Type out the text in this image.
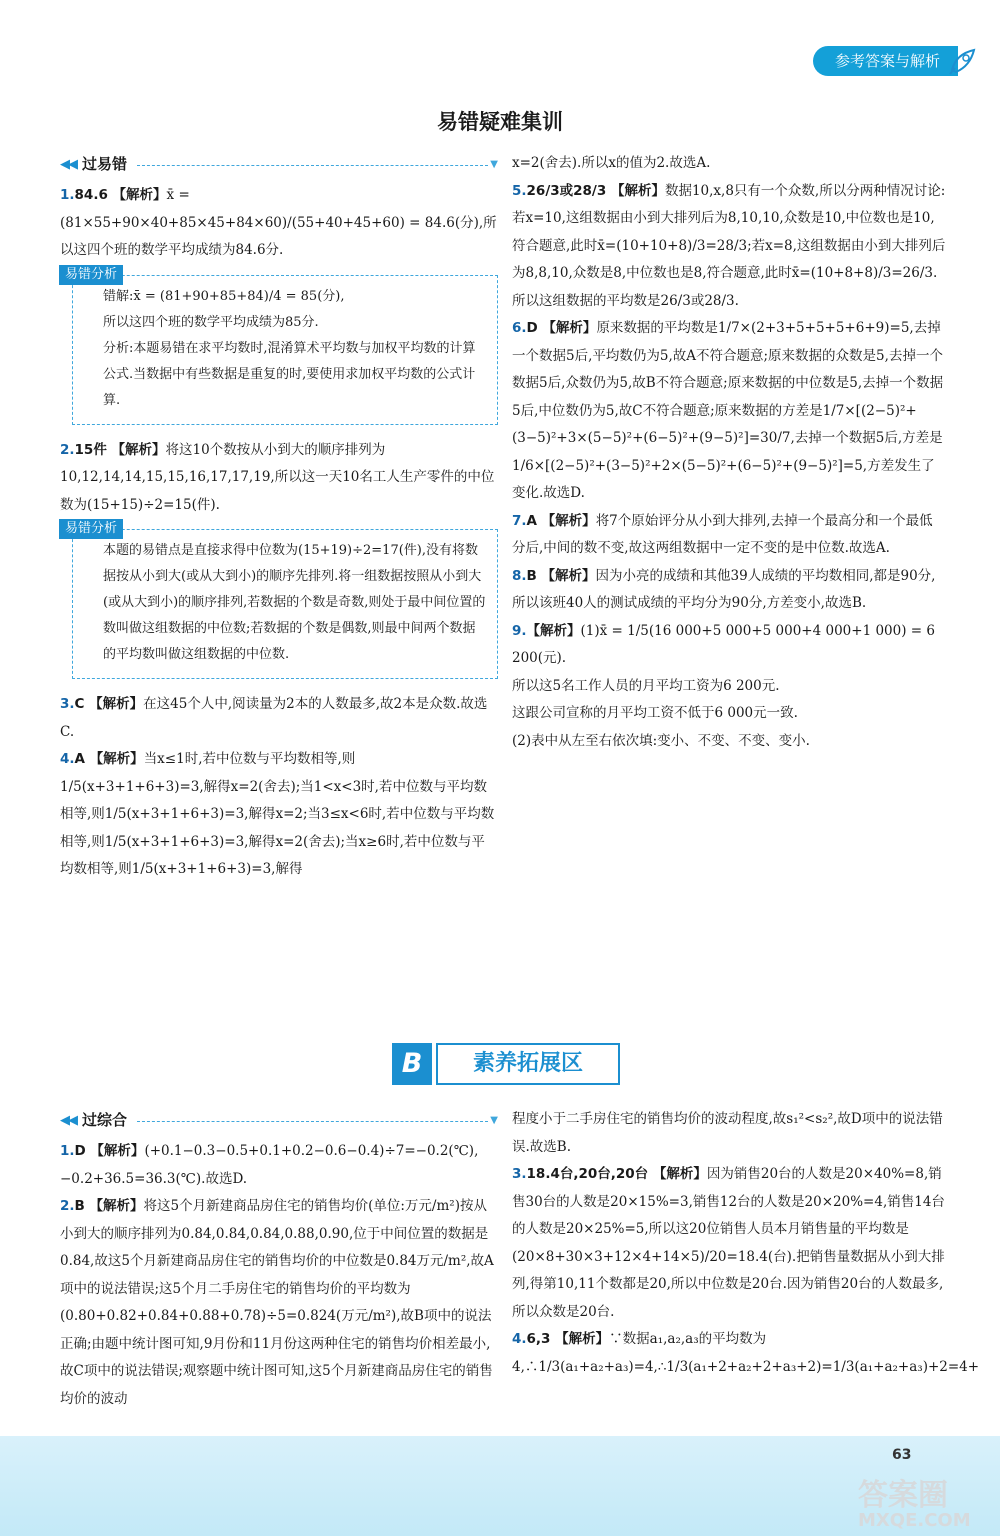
参考答案与解析
易错疑难集训
◀◀ 过易错	▼

1.84.6 【解析】x̄ = (81×55+90×40+85×45+84×60)/(55+40+45+60) = 84.6(分),所以这四个班的数学平均成绩为84.6分.

易错分析

错解:x̄ = (81+90+85+84)/4 = 85(分),

所以这四个班的数学平均成绩为85分.

分析:本题易错在求平均数时,混淆算术平均数与加权平均数的计算公式.当数据中有些数据是重复的时,要使用求加权平均数的公式计算.

2.15件 【解析】将这10个数按从小到大的顺序排列为10,12,14,14,15,15,16,17,17,19,所以这一天10名工人生产零件的中位数为(15+15)÷2=15(件).

易错分析

本题的易错点是直接求得中位数为(15+19)÷2=17(件),没有将数据按从小到大(或从大到小)的顺序先排列.将一组数据按照从小到大(或从大到小)的顺序排列,若数据的个数是奇数,则处于最中间位置的数叫做这组数据的中位数;若数据的个数是偶数,则最中间两个数据的平均数叫做这组数据的中位数.

3.C 【解析】在这45个人中,阅读量为2本的人数最多,故2本是众数.故选C.

4.A 【解析】当x≤1时,若中位数与平均数相等,则1/5(x+3+1+6+3)=3,解得x=2(舍去);当1<x<3时,若中位数与平均数相等,则1/5(x+3+1+6+3)=3,解得x=2;当3≤x<6时,若中位数与平均数相等,则1/5(x+3+1+6+3)=3,解得x=2(舍去);当x≥6时,若中位数与平均数相等,则1/5(x+3+1+6+3)=3,解得

x=2(舍去).所以x的值为2.故选A.

5.26/3或28/3 【解析】数据10,x,8只有一个众数,所以分两种情况讨论:若x=10,这组数据由小到大排列后为8,10,10,众数是10,中位数也是10,符合题意,此时x̄=(10+10+8)/3=28/3;若x=8,这组数据由小到大排列后为8,8,10,众数是8,中位数也是8,符合题意,此时x̄=(10+8+8)/3=26/3.所以这组数据的平均数是26/3或28/3.

6.D 【解析】原来数据的平均数是1/7×(2+3+5+5+5+6+9)=5,去掉一个数据5后,平均数仍为5,故A不符合题意;原来数据的众数是5,去掉一个数据5后,众数仍为5,故B不符合题意;原来数据的中位数是5,去掉一个数据5后,中位数仍为5,故C不符合题意;原来数据的方差是1/7×[(2−5)²+(3−5)²+3×(5−5)²+(6−5)²+(9−5)²]=30/7,去掉一个数据5后,方差是1/6×[(2−5)²+(3−5)²+2×(5−5)²+(6−5)²+(9−5)²]=5,方差发生了变化.故选D.

7.A 【解析】将7个原始评分从小到大排列,去掉一个最高分和一个最低分后,中间的数不变,故这两组数据中一定不变的是中位数.故选A.

8.B 【解析】因为小亮的成绩和其他39人成绩的平均数相同,都是90分,所以该班40人的测试成绩的平均分为90分,方差变小,故选B.

9.【解析】(1)x̄ = 1/5(16 000+5 000+5 000+4 000+1 000) = 6 200(元).

所以这5名工作人员的月平均工资为6 200元.

这跟公司宣称的月平均工资不低于6 000元一致.

(2)表中从左至右依次填:变小、不变、不变、变小.

B	素养拓展区
◀◀ 过综合	▼

1.D 【解析】(+0.1−0.3−0.5+0.1+0.2−0.6−0.4)÷7=−0.2(℃),−0.2+36.5=36.3(℃).故选D.

2.B 【解析】将这5个月新建商品房住宅的销售均价(单位:万元/m²)按从小到大的顺序排列为0.84,0.84,0.84,0.88,0.90,位于中间位置的数据是0.84,故这5个月新建商品房住宅的销售均价的中位数是0.84万元/m²,故A项中的说法错误;这5个月二手房住宅的销售均价的平均数为(0.80+0.82+0.84+0.88+0.78)÷5=0.824(万元/m²),故B项中的说法正确;由题中统计图可知,9月份和11月份这两种住宅的销售均价相差最小,故C项中的说法错误;观察题中统计图可知,这5个月新建商品房住宅的销售均价的波动

程度小于二手房住宅的销售均价的波动程度,故s₁²<s₂²,故D项中的说法错误.故选B.

3.18.4台,20台,20台 【解析】因为销售20台的人数是20×40%=8,销售30台的人数是20×15%=3,销售12台的人数是20×20%=4,销售14台的人数是20×25%=5,所以这20位销售人员本月销售量的平均数是(20×8+30×3+12×4+14×5)/20=18.4(台).把销售量数据从小到大排列,得第10,11个数都是20,所以中位数是20台.因为销售20台的人数最多,所以众数是20台.

4.6,3 【解析】∵数据a₁,a₂,a₃的平均数为4,∴1/3(a₁+a₂+a₃)=4,∴1/3(a₁+2+a₂+2+a₃+2)=1/3(a₁+a₂+a₃)+2=4+

63
答案圈
MXQE.COM
